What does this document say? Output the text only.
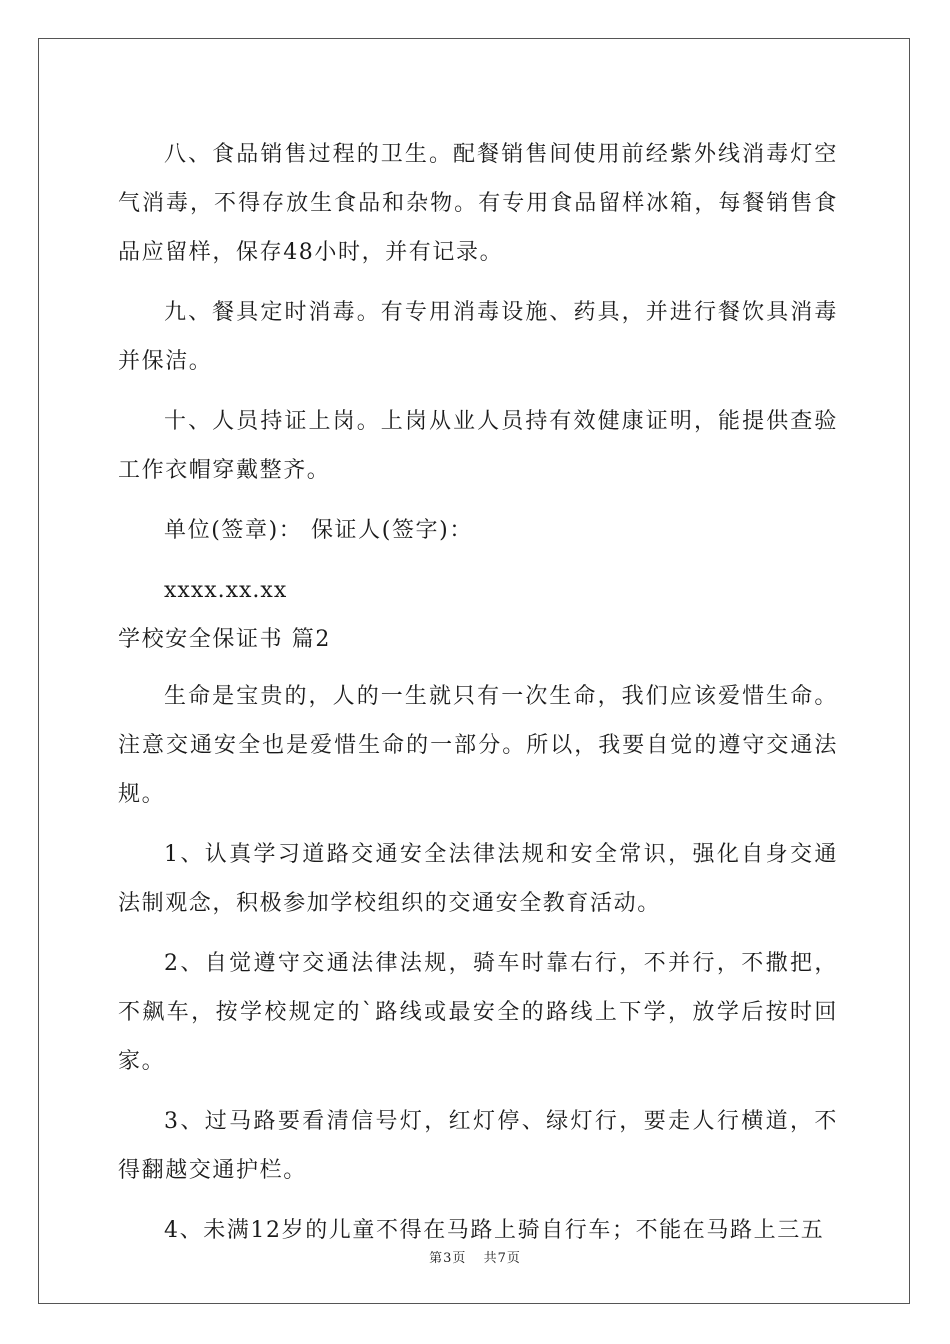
八、食品销售过程的卫生。配餐销售间使用前经紫外线消毒灯空气消毒，不得存放生食品和杂物。有专用食品留样冰箱，每餐销售食品应留样，保存48小时，并有记录。

九、餐具定时消毒。有专用消毒设施、药具，并进行餐饮具消毒并保洁。

十、人员持证上岗。上岗从业人员持有效健康证明，能提供查验工作衣帽穿戴整齐。

单位(签章)： 保证人(签字)：

xxxx.xx.xx

学校安全保证书 篇2

生命是宝贵的，人的一生就只有一次生命，我们应该爱惜生命。注意交通安全也是爱惜生命的一部分。所以，我要自觉的遵守交通法规。

1、认真学习道路交通安全法律法规和安全常识，强化自身交通法制观念，积极参加学校组织的交通安全教育活动。

2、自觉遵守交通法律法规，骑车时靠右行，不并行，不撒把，不飙车，按学校规定的`路线或最安全的路线上下学，放学后按时回家。

3、过马路要看清信号灯，红灯停、绿灯行，要走人行横道，不得翻越交通护栏。

4、未满12岁的儿童不得在马路上骑自行车；不能在马路上三五

第3页 共7页
